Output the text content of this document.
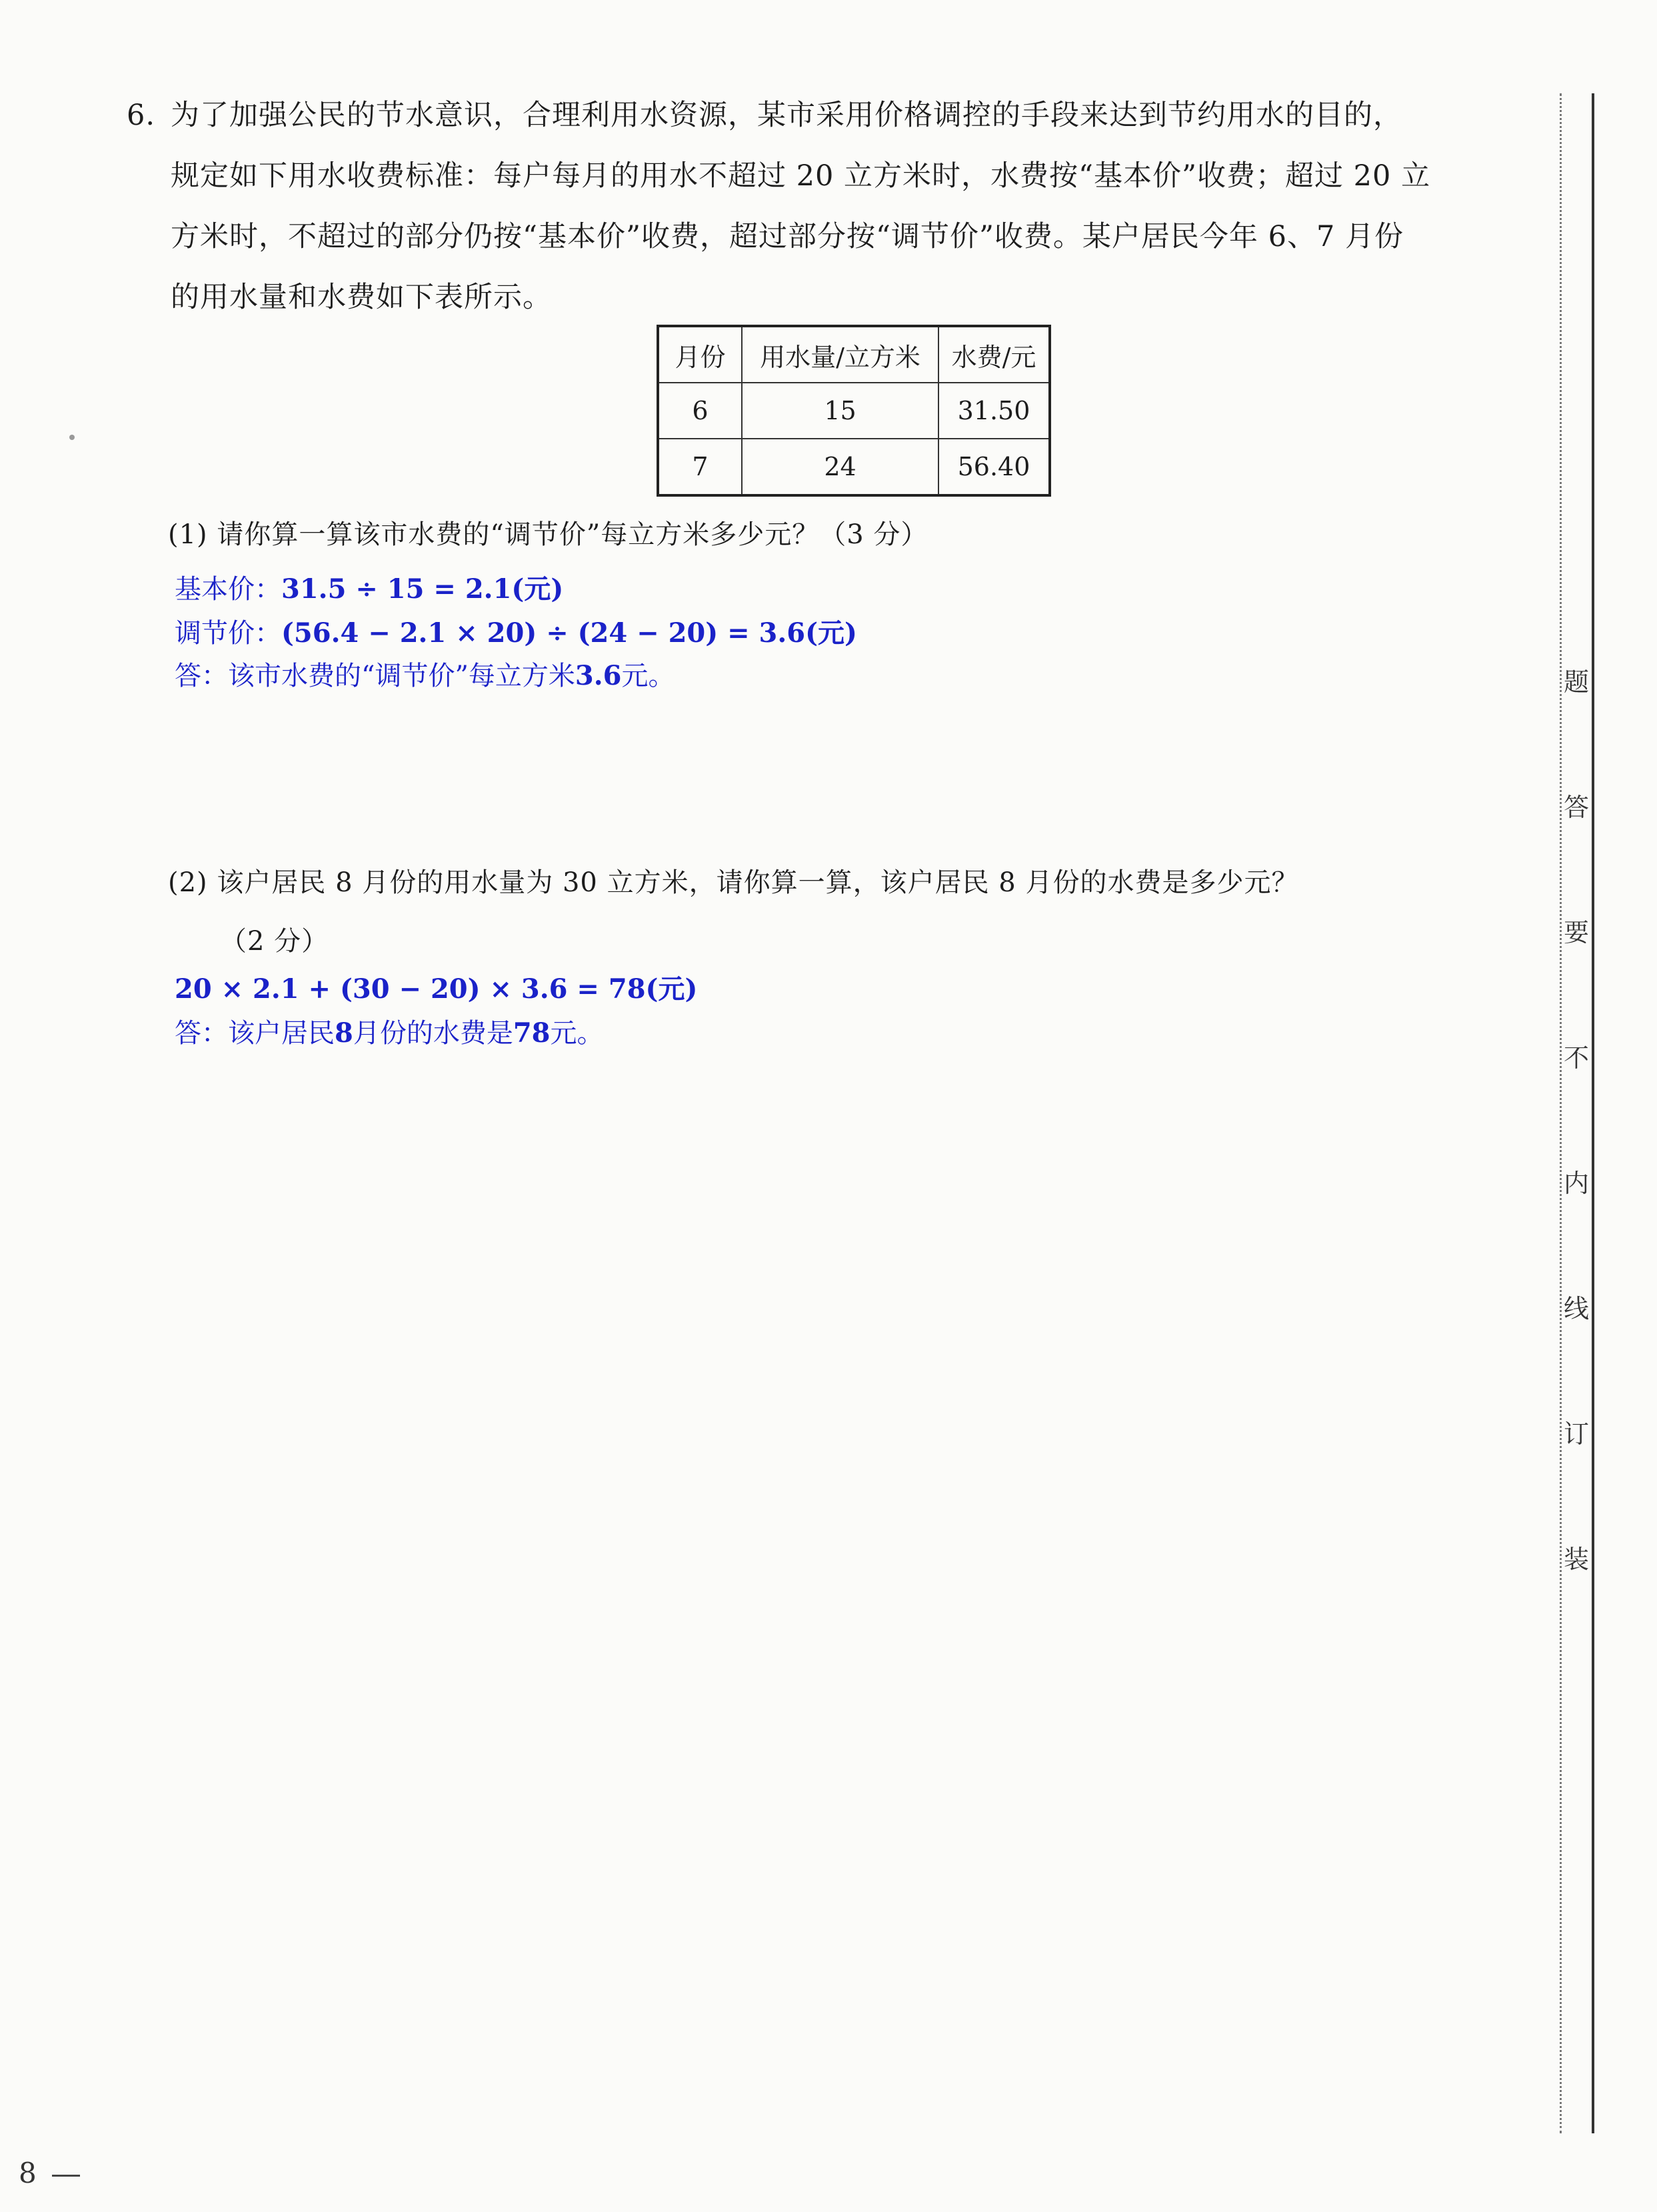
6. 为了加强公民的节水意识，合理利用水资源，某市采用价格调控的手段来达到节约用水的目的，
规定如下用水收费标准：每户每月的用水不超过 20 立方米时，水费按“基本价”收费；超过 20 立
方米时，不超过的部分仍按“基本价”收费，超过部分按“调节价”收费。某户居民今年 6、7 月份
的用水量和水费如下表所示。
月份	用水量/立方米	水费/元
6	15	31.50
7	24	56.40
(1) 请你算一算该市水费的“调节价”每立方米多少元？（3 分）
基本价：31.5 ÷ 15 = 2.1(元)
调节价：(56.4 − 2.1 × 20) ÷ (24 − 20) = 3.6(元)
答：该市水费的“调节价”每立方米3.6元。
(2) 该户居民 8 月份的用水量为 30 立方米，请你算一算，该户居民 8 月份的水费是多少元？
（2 分）
20 × 2.1 + (30 − 20) × 3.6 = 78(元)
答：该户居民8月份的水费是78元。
题
答
要
不
内
线
订
装
8
